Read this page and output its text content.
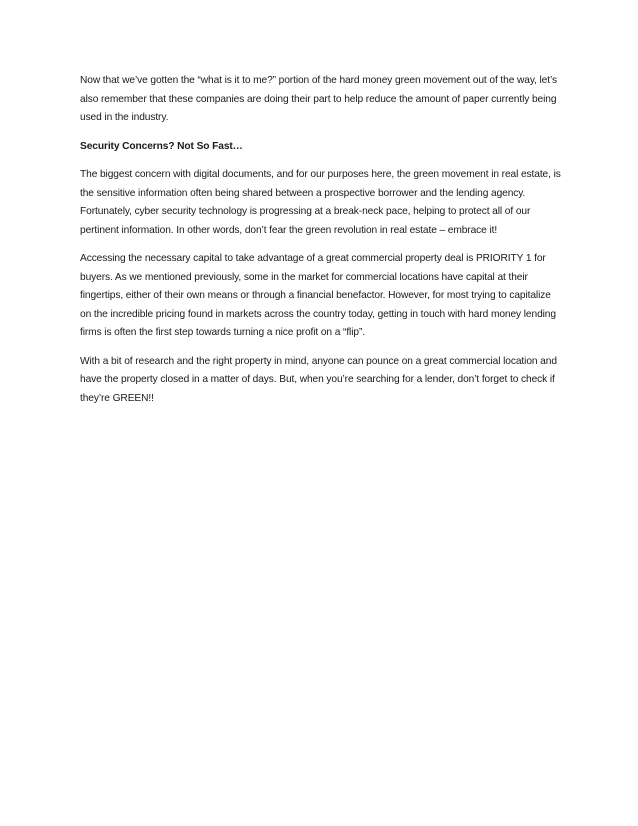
Now that we’ve gotten the “what is it to me?” portion of the hard money green movement out of the way, let’s also remember that these companies are doing their part to help reduce the amount of paper currently being used in the industry.

Security Concerns? Not So Fast…

The biggest concern with digital documents, and for our purposes here, the green movement in real estate, is the sensitive information often being shared between a prospective borrower and the lending agency. Fortunately, cyber security technology is progressing at a break-neck pace, helping to protect all of our pertinent information. In other words, don’t fear the green revolution in real estate – embrace it!

Accessing the necessary capital to take advantage of a great commercial property deal is PRIORITY 1 for buyers. As we mentioned previously, some in the market for commercial locations have capital at their fingertips, either of their own means or through a financial benefactor. However, for most trying to capitalize on the incredible pricing found in markets across the country today, getting in touch with hard money lending firms is often the first step towards turning a nice profit on a “flip”.

With a bit of research and the right property in mind, anyone can pounce on a great commercial location and have the property closed in a matter of days. But, when you’re searching for a lender, don’t forget to check if they’re GREEN!!
